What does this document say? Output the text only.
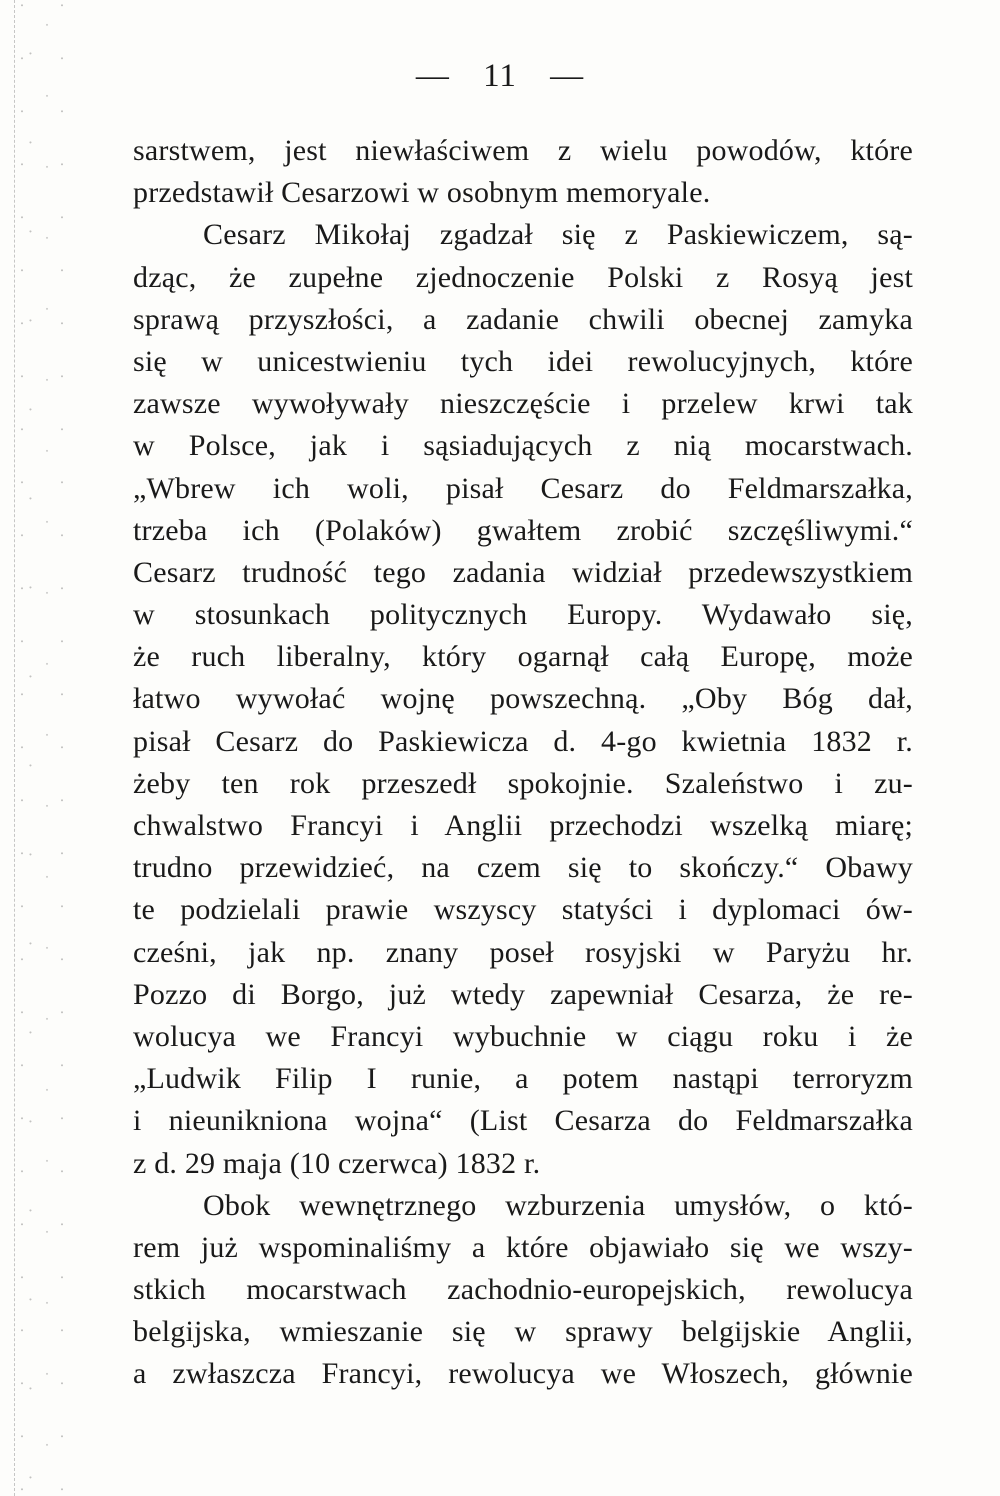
— 11 —
sarstwem, jest niewłaściwem z wielu powodów, które
przedstawił Cesarzowi w osobnym memoryale.
Cesarz Mikołaj zgadzał się z Paskiewiczem, są-
dząc, że zupełne zjednoczenie Polski z Rosyą jest
sprawą przyszłości, a zadanie chwili obecnej zamyka
się w unicestwieniu tych idei rewolucyjnych, które
zawsze wywoływały nieszczęście i przelew krwi tak
w Polsce, jak i sąsiadujących z nią mocarstwach.
„Wbrew ich woli, pisał Cesarz do Feldmarszałka,
trzeba ich (Polaków) gwałtem zrobić szczęśliwymi.“
Cesarz trudność tego zadania widział przedewszystkiem
w stosunkach politycznych Europy. Wydawało się,
że ruch liberalny, który ogarnął całą Europę, może
łatwo wywołać wojnę powszechną. „Oby Bóg dał,
pisał Cesarz do Paskiewicza d. 4-go kwietnia 1832 r.
żeby ten rok przeszedł spokojnie. Szaleństwo i zu-
chwalstwo Francyi i Anglii przechodzi wszelką miarę;
trudno przewidzieć, na czem się to skończy.“ Obawy
te podzielali prawie wszyscy statyści i dyplomaci ów-
cześni, jak np. znany poseł rosyjski w Paryżu hr.
Pozzo di Borgo, już wtedy zapewniał Cesarza, że re-
wolucya we Francyi wybuchnie w ciągu roku i że
„Ludwik Filip I runie, a potem nastąpi terroryzm
i nieunikniona wojna“ (List Cesarza do Feldmarszałka
z d. 29 maja (10 czerwca) 1832 r.
Obok wewnętrznego wzburzenia umysłów, o któ-
rem już wspominaliśmy a które objawiało się we wszy-
stkich mocarstwach zachodnio-europejskich, rewolucya
belgijska, wmieszanie się w sprawy belgijskie Anglii,
a zwłaszcza Francyi, rewolucya we Włoszech, głównie
